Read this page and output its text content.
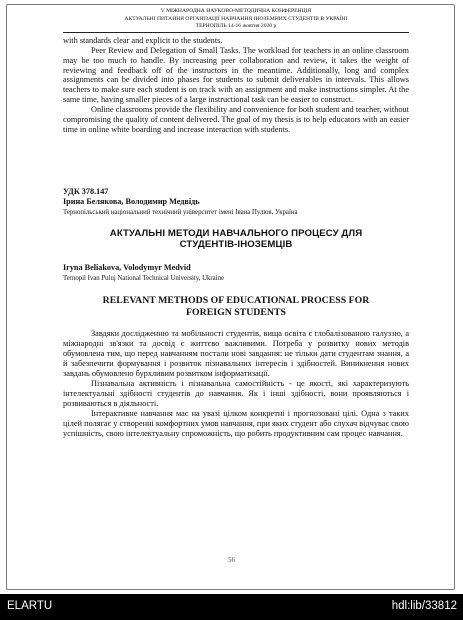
V МІЖНАРОДНА НАУКОВО-МЕТОДИЧНА КОНФЕРЕНЦІЯ
АКТУАЛЬНІ ПИТАННЯ ОРГАНІЗАЦІЇ НАВЧАННЯ ІНОЗЕМНИХ СТУДЕНТІВ В УКРАЇНІ
ТЕРНОПІЛЬ 14-16 жовтня 2020 р

with standards clear and explicit to the students.

Peer Review and Delegation of Small Tasks. The workload for teachers in an online classroom may be too much to handle. By increasing peer collaboration and review, it takes the weight of reviewing and feedback off of the instructors in the meantime. Additionally, long and complex assignments can be divided into phases for students to submit deliverables in intervals. This allows teachers to make sure each student is on track with an assignment and make instructions simpler. At the same time, having smaller pieces of a large instructional task can be easier to construct.

Online classrooms provide the flexibility and convenience for both student and teacher, without compromising the quality of content delivered. The goal of my thesis is to help educators with an easier time in online white boarding and increase interaction with students.

УДК 378.147
Ірина Белякова, Володимир Медвідь
Тернопільський національний технічний університет імені Івана Пулюя, Україна
АКТУАЛЬНІ МЕТОДИ НАВЧАЛЬНОГО ПРОЦЕСУ ДЛЯ
СТУДЕНТІВ-ІНОЗЕМЦІВ
Iryna Beliakova, Volodymyr Medvid
Ternopil Ivan Puluj National Technical University, Ukraine
RELEVANT METHODS OF EDUCATIONAL PROCESS FOR
FOREIGN STUDENTS

Завдяки дослідженню та мобільності студентів, вища освіта є глобалізованою галуззю, а міжнародні зв'язки та досвід є життєво важливими. Потреба у розвитку нових методів обумовлена тим, що перед навчанням постали нові завдання: не тільки дати студентам знання, а й забезпечити формування і розвиток пізнавальних інтересів і здібностей. Виникнення нових завдань обумовлено бурхливим розвитком інформатизації.

Пізнавальна активність і пізнавальна самостійність - це якості, які характеризують інтелектуальні здібності студентів до навчання. Як і інші здібності, вони проявляються і розвиваються в діяльності.

Інтерактивне навчання має на увазі цілком конкретні і прогнозовані цілі. Одна з таких цілей полягає у створенні комфортних умов навчання, при яких студент або слухач відчуває свою успішність, свою інтелектуальну спроможність, що робить продуктивним сам процес навчання.

56
ELARTU	hdl:lib/33812
